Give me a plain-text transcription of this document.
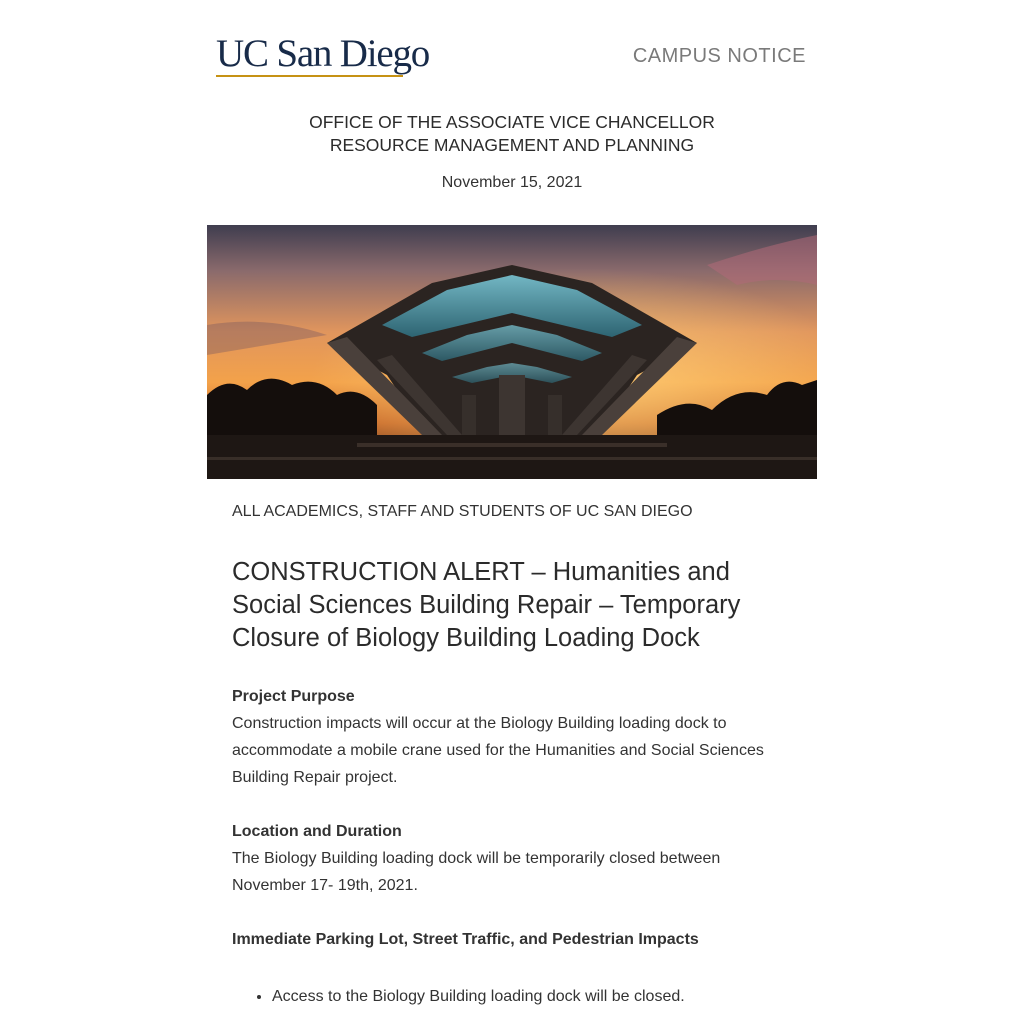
UC San Diego	CAMPUS NOTICE
OFFICE OF THE ASSOCIATE VICE CHANCELLOR
RESOURCE MANAGEMENT AND PLANNING
November 15, 2021

ALL ACADEMICS, STAFF AND STUDENTS OF UC SAN DIEGO

CONSTRUCTION ALERT – Humanities and Social Sciences Building Repair – Temporary Closure of Biology Building Loading Dock
Project Purpose
Construction impacts will occur at the Biology Building loading dock to accommodate a mobile crane used for the Humanities and Social Sciences Building Repair project.
Location and Duration
The Biology Building loading dock will be temporarily closed between November 17- 19th, 2021.
Immediate Parking Lot, Street Traffic, and Pedestrian Impacts
• Access to the Biology Building loading dock will be closed.
